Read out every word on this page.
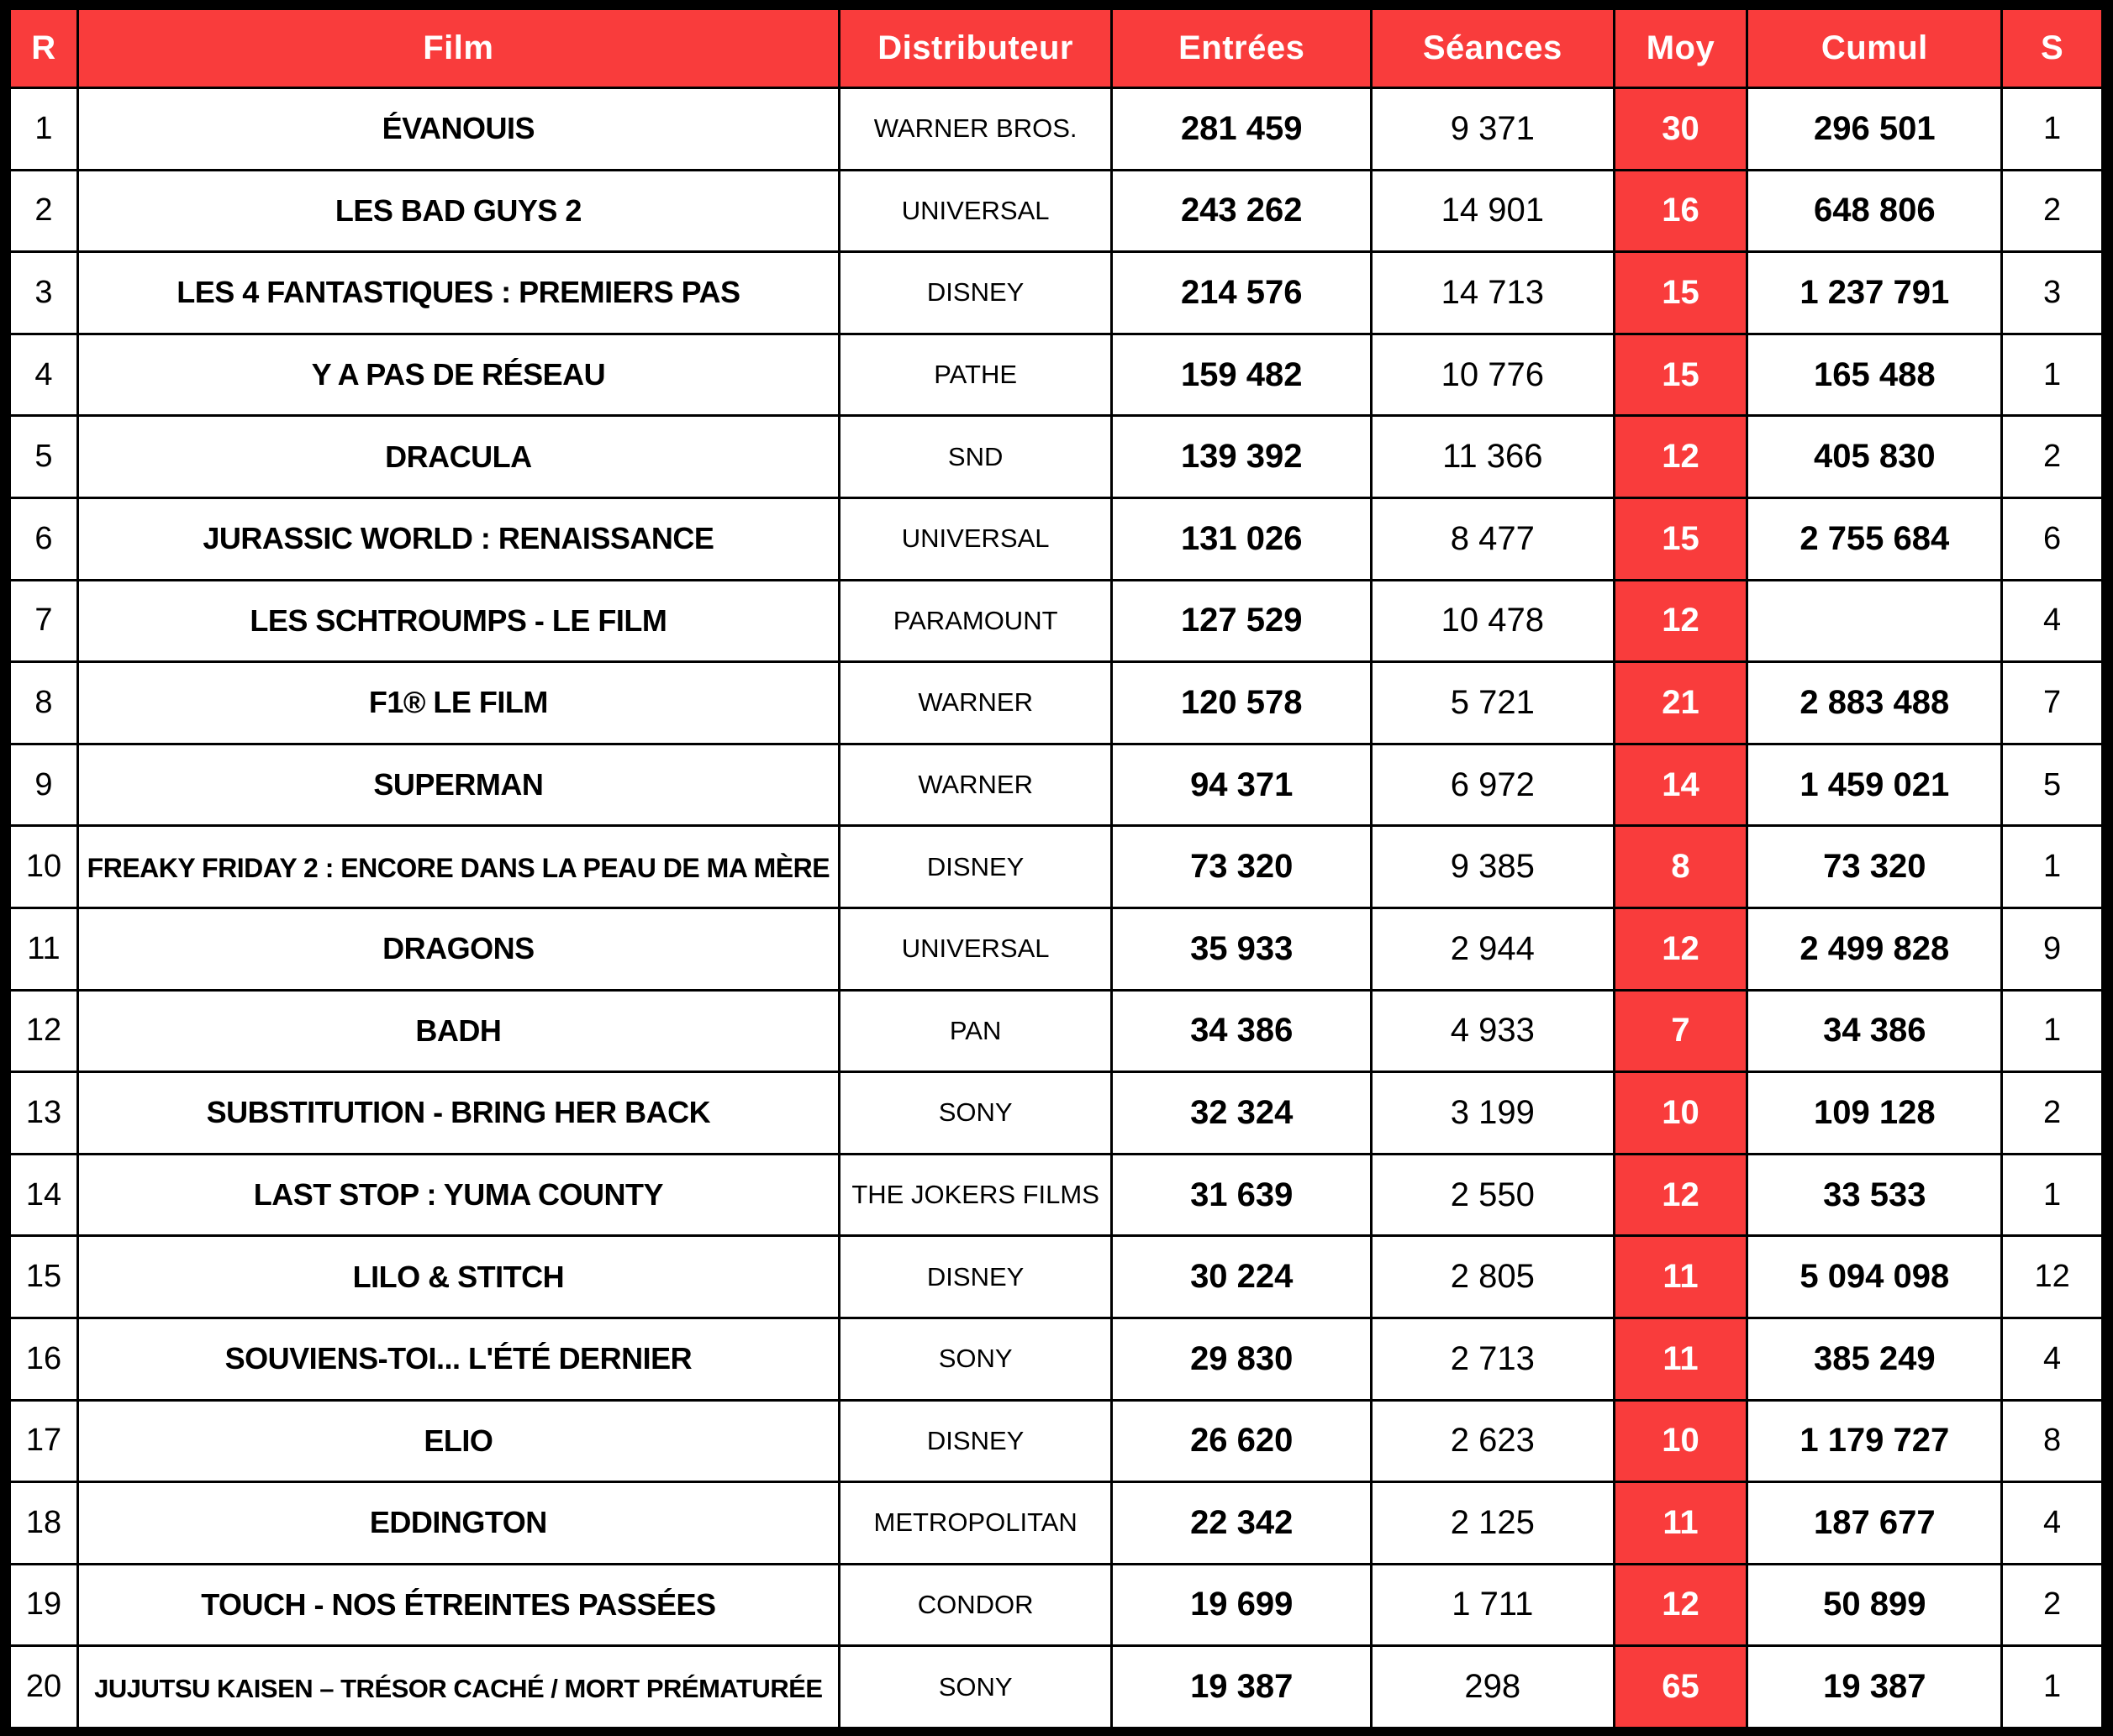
R	Film	Distributeur	Entrées	Séances	Moy	Cumul	S
1	ÉVANOUIS	WARNER BROS.	281 459	9 371	30	296 501	1
2	LES BAD GUYS 2	UNIVERSAL	243 262	14 901	16	648 806	2
3	LES 4 FANTASTIQUES : PREMIERS PAS	DISNEY	214 576	14 713	15	1 237 791	3
4	Y A PAS DE RÉSEAU	PATHE	159 482	10 776	15	165 488	1
5	DRACULA	SND	139 392	11 366	12	405 830	2
6	JURASSIC WORLD : RENAISSANCE	UNIVERSAL	131 026	8 477	15	2 755 684	6
7	LES SCHTROUMPS - LE FILM	PARAMOUNT	127 529	10 478	12		4
8	F1® LE FILM	WARNER	120 578	5 721	21	2 883 488	7
9	SUPERMAN	WARNER	94 371	6 972	14	1 459 021	5
10	FREAKY FRIDAY 2 : ENCORE DANS LA PEAU DE MA MÈRE	DISNEY	73 320	9 385	8	73 320	1
11	DRAGONS	UNIVERSAL	35 933	2 944	12	2 499 828	9
12	BADH	PAN	34 386	4 933	7	34 386	1
13	SUBSTITUTION - BRING HER BACK	SONY	32 324	3 199	10	109 128	2
14	LAST STOP : YUMA COUNTY	THE JOKERS FILMS	31 639	2 550	12	33 533	1
15	LILO & STITCH	DISNEY	30 224	2 805	11	5 094 098	12
16	SOUVIENS-TOI... L'ÉTÉ DERNIER	SONY	29 830	2 713	11	385 249	4
17	ELIO	DISNEY	26 620	2 623	10	1 179 727	8
18	EDDINGTON	METROPOLITAN	22 342	2 125	11	187 677	4
19	TOUCH - NOS ÉTREINTES PASSÉES	CONDOR	19 699	1 711	12	50 899	2
20	JUJUTSU KAISEN – TRÉSOR CACHÉ / MORT PRÉMATURÉE	SONY	19 387	298	65	19 387	1
